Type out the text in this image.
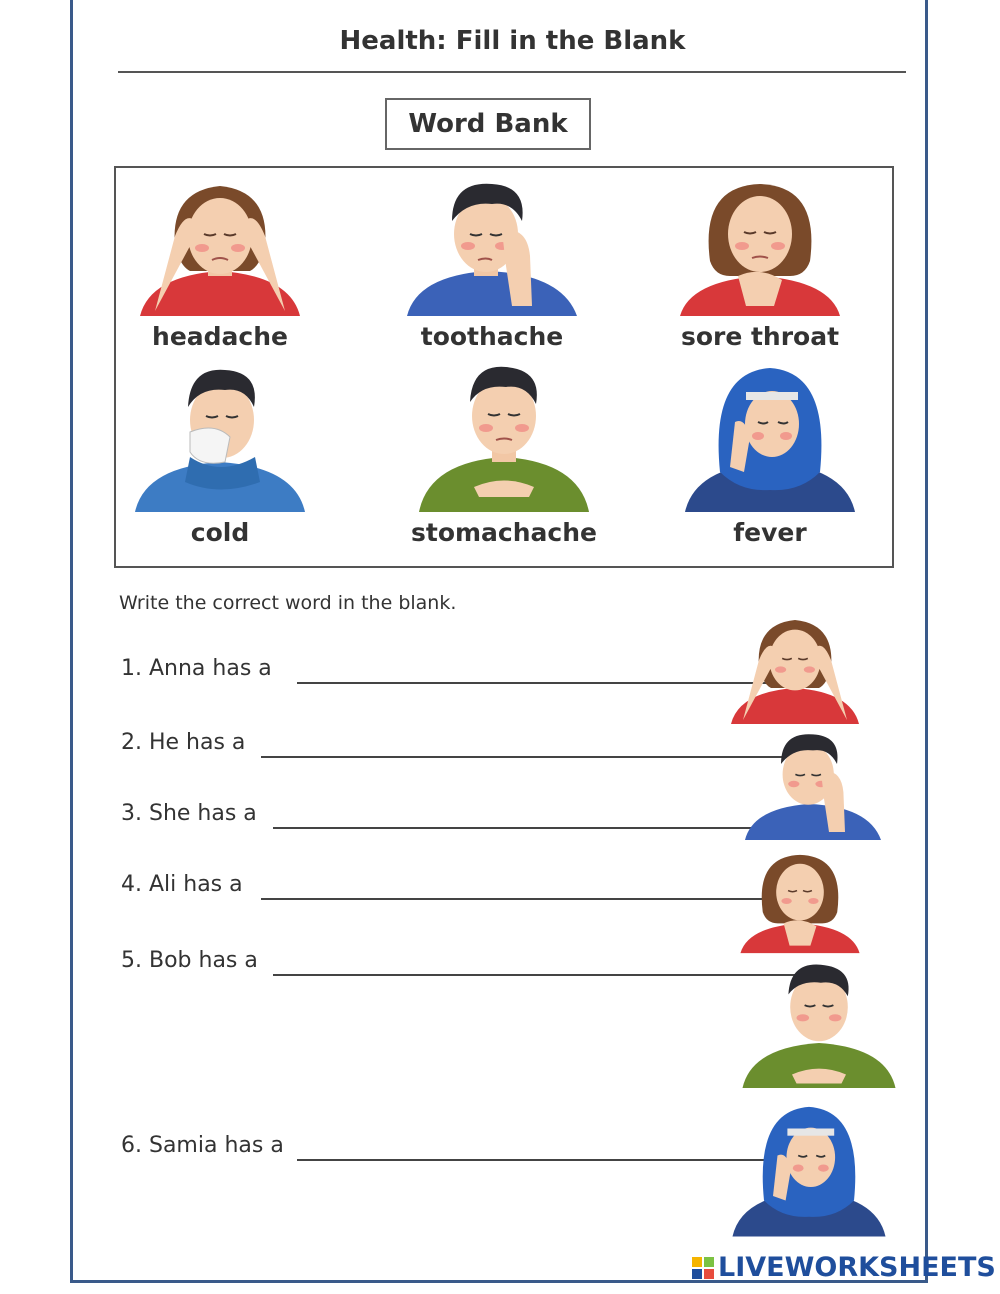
Health: Fill in the Blank
Word Bank
headache	toothache	sore throat
cold	stomachache	fever
Write the correct word in the blank.
1. Anna has a
2. He has a
3. She has a
4. Ali has a
5. Bob has a
6. Samia has a
LIVEWORKSHEETS
